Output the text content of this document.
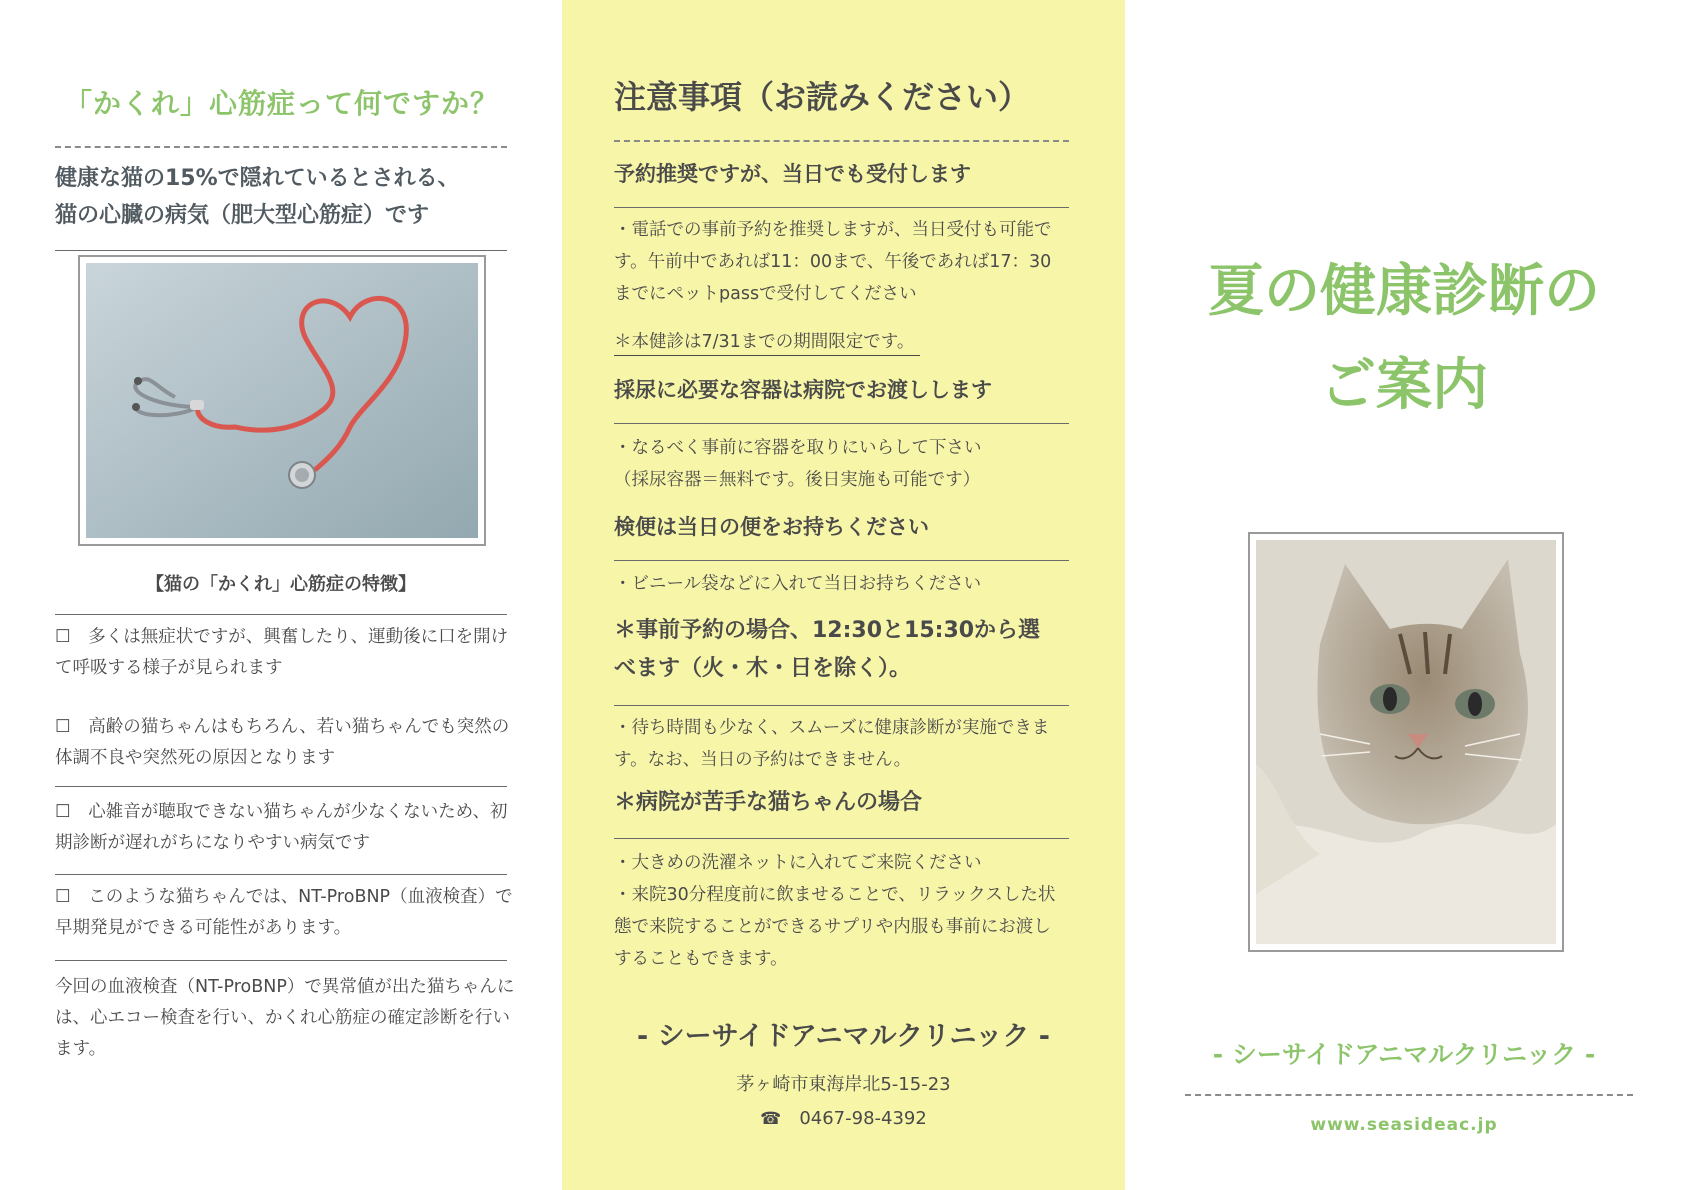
「かくれ」心筋症って何ですか？
健康な猫の15%で隠れているとされる、
猫の心臓の病気（肥大型心筋症）です
【猫の「かくれ」心筋症の特徴】
☐　多くは無症状ですが、興奮したり、運動後に口を開けて呼吸する様子が見られます
☐　高齢の猫ちゃんはもちろん、若い猫ちゃんでも突然の体調不良や突然死の原因となります
☐　心雑音が聴取できない猫ちゃんが少なくないため、初期診断が遅れがちになりやすい病気です
☐　このような猫ちゃんでは、NT-ProBNP（血液検査）で早期発見ができる可能性があります。
今回の血液検査（NT-ProBNP）で異常値が出た猫ちゃんには、心エコー検査を行い、かくれ心筋症の確定診断を行います。
注意事項（お読みください）
予約推奨ですが、当日でも受付します
・電話での事前予約を推奨しますが、当日受付も可能です。午前中であれば11：00まで、午後であれば17：30までにペットpassで受付してください
＊本健診は7/31までの期間限定です。
採尿に必要な容器は病院でお渡しします
・なるべく事前に容器を取りにいらして下さい
（採尿容器＝無料です。後日実施も可能です）
検便は当日の便をお持ちください
・ビニール袋などに入れて当日お持ちください
＊事前予約の場合、12:30と15:30から選べます（火・木・日を除く）。
・待ち時間も少なく、スムーズに健康診断が実施できます。なお、当日の予約はできません。
＊病院が苦手な猫ちゃんの場合
・大きめの洗濯ネットに入れてご来院ください
・来院30分程度前に飲ませることで、リラックスした状態で来院することができるサプリや内服も事前にお渡しすることもできます。
- シーサイドアニマルクリニック -
茅ヶ崎市東海岸北5-15-23
☎ 0467-98-4392
夏の健康診断の
ご案内
- シーサイドアニマルクリニック -
www.seasideac.jp
